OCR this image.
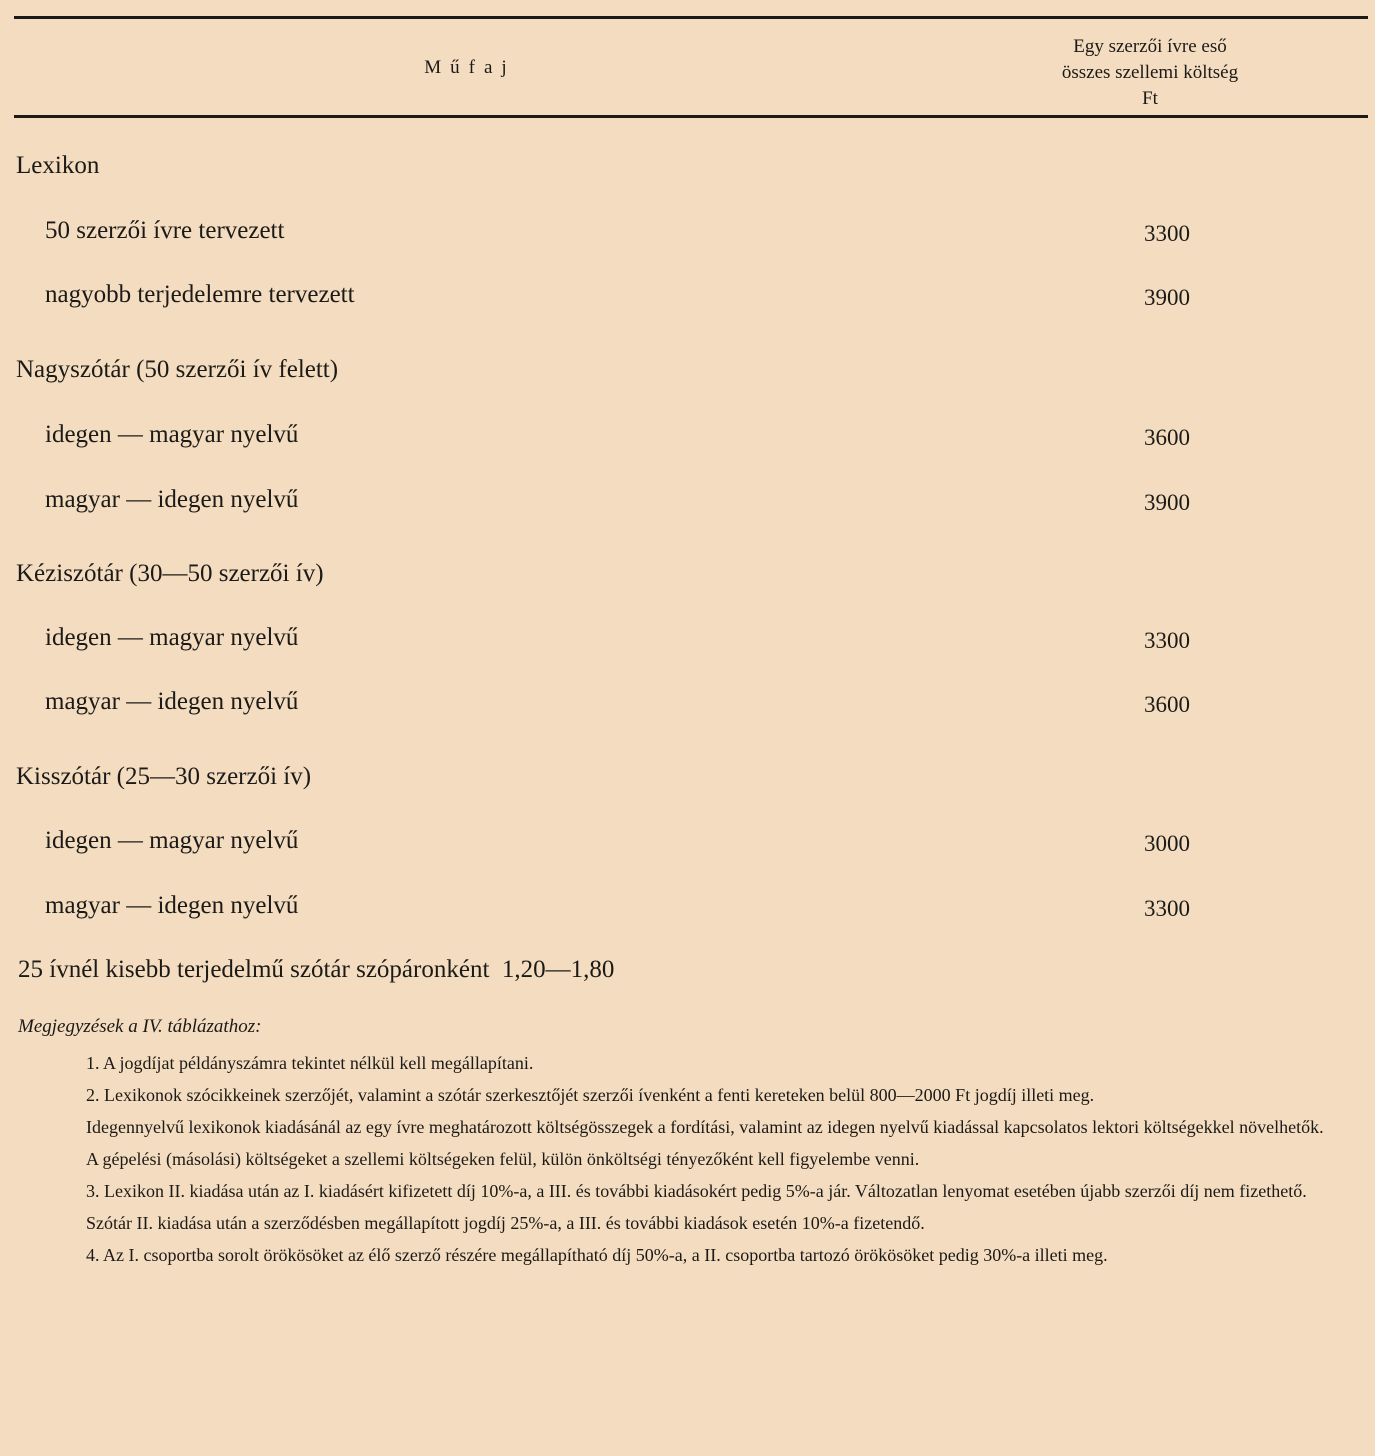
Műfaj
Egy szerzői ívre eső
összes szellemi költség
Ft
Lexikon
50 szerzői ívre tervezett	3300
nagyobb terjedelemre tervezett	3900
Nagyszótár (50 szerzői ív felett)
idegen — magyar nyelvű	3600
magyar — idegen nyelvű	3900
Kéziszótár (30—50 szerzői ív)
idegen — magyar nyelvű	3300
magyar — idegen nyelvű	3600
Kisszótár (25—30 szerzői ív)
idegen — magyar nyelvű	3000
magyar — idegen nyelvű	3300
25 ívnél kisebb terjedelmű szótár szópáronként  1,20—1,80
Megjegyzések a IV. táblázathoz:

1. A jogdíjat példányszámra tekintet nélkül kell megállapítani.

2. Lexikonok szócikkeinek szerzőjét, valamint a szótár szerkesztőjét szerzői ívenként a fenti kereteken belül 800—2000 Ft jogdíj illeti meg.

Idegennyelvű lexikonok kiadásánál az egy ívre meghatározott költségösszegek a fordítási, valamint az idegen nyelvű kiadással kapcsolatos lektori költségekkel növelhetők.

A gépelési (másolási) költségeket a szellemi költségeken felül, külön önköltségi tényezőként kell figyelembe venni.

3. Lexikon II. kiadása után az I. kiadásért kifizetett díj 10%-a, a III. és további kiadásokért pedig 5%-a jár. Változatlan lenyomat esetében újabb szerzői díj nem fizethető.

Szótár II. kiadása után a szerződésben megállapított jogdíj 25%-a, a III. és további kiadások esetén 10%-a fizetendő.

4. Az I. csoportba sorolt örökösöket az élő szerző részére megállapítható díj 50%-a, a II. csoportba tartozó örökösöket pedig 30%-a illeti meg.
